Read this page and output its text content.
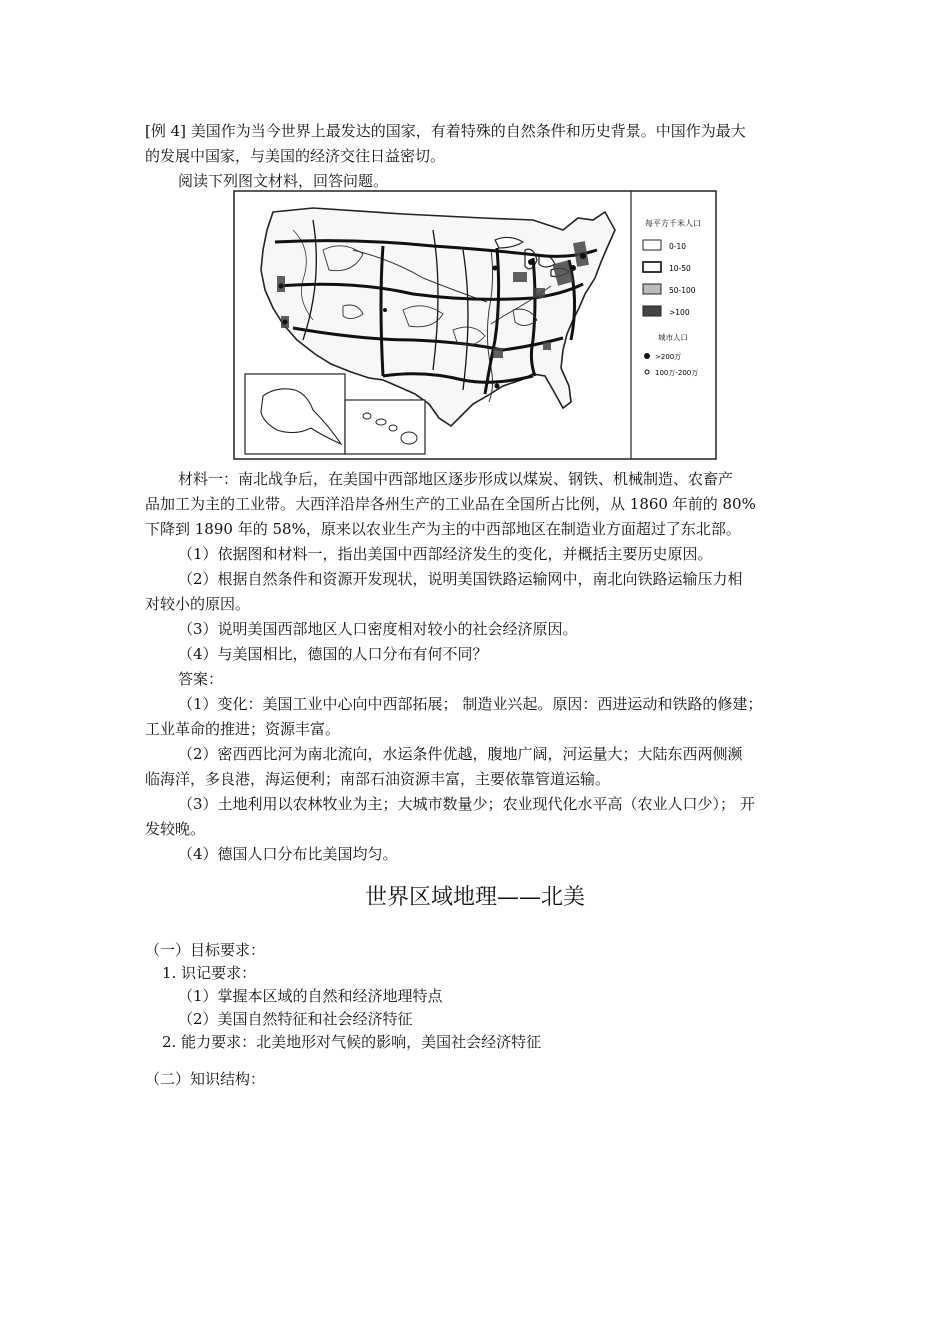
[例 4] 美国作为当今世界上最发达的国家，有着特殊的自然条件和历史背景。中国作为最大
的发展中国家，与美国的经济交往日益密切。
阅读下列图文材料，回答问题。
每平方千米人口
0-10
10-50
50-100
>100
城市人口
>200万
100万-200万
材料一：南北战争后，在美国中西部地区逐步形成以煤炭、钢铁、机械制造、农畜产
品加工为主的工业带。大西洋沿岸各州生产的工业品在全国所占比例，从 1860 年前的 80%
下降到 1890 年的 58%，原来以农业生产为主的中西部地区在制造业方面超过了东北部。
（1）依据图和材料一，指出美国中西部经济发生的变化，并概括主要历史原因。
（2）根据自然条件和资源开发现状，说明美国铁路运输网中，南北向铁路运输压力相
对较小的原因。
（3）说明美国西部地区人口密度相对较小的社会经济原因。
（4）与美国相比，德国的人口分布有何不同？
答案：
（1）变化：美国工业中心向中西部拓展； 制造业兴起。原因：西进运动和铁路的修建；
工业革命的推进；资源丰富。
（2）密西西比河为南北流向，水运条件优越，腹地广阔，河运量大；大陆东西两侧濒
临海洋，多良港，海运便利；南部石油资源丰富，主要依靠管道运输。
（3）土地利用以农林牧业为主；大城市数量少；农业现代化水平高（农业人口少）； 开
发较晚。
（4）德国人口分布比美国均匀。
世界区域地理——北美
（一）目标要求：
1. 识记要求：
（1）掌握本区域的自然和经济地理特点
（2）美国自然特征和社会经济特征
2. 能力要求：北美地形对气候的影响，美国社会经济特征
（二）知识结构：
